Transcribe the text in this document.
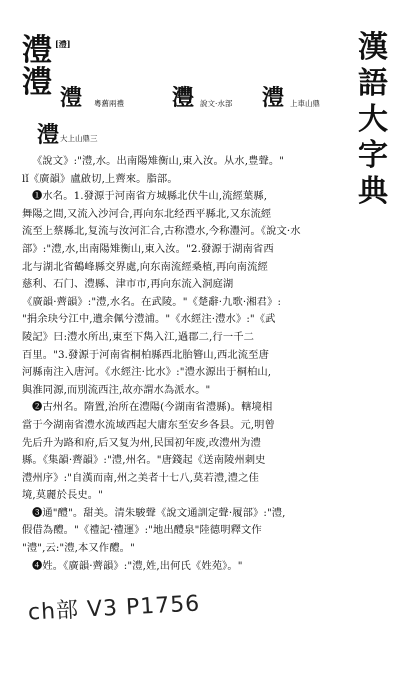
澧 [澧]
澧 澧 粵舊兩禮 灃 說文·水部 澧 上車山鼎
澧 大上山鼎三
漢
語
大
字
典
《說文》:"澧,水。出南陽雉衡山,東入汝。从水,豊聲。"
lǐ《廣韻》盧啟切,上薺來。脂部。
❶水名。1.發源于河南省方城縣北伏牛山,流經葉縣,
舞陽之間,又流入沙河合,再向东北经西平縣北,又东流經
流至上蔡縣北,复流与汝河汇合,古称澧水,今称灃河。《說文·水
部》:"澧,水,出南陽雉衡山,東入汝。"2.發源于湖南省西
北与湖北省鶴峰縣交界處,向东南流經桑植,再向南流經
慈利、石门、澧縣、津市市,再向东流入洞庭湖
《廣韻·薺韻》:"澧,水名。在武陵。"《楚辭·九歌·湘君》:
"捐余玦兮江中,遺余佩兮澧浦。"《水經注·澧水》:"《武
陵記》曰:澧水所出,東至下雋入江,過郡二,行一千二
百里。"3.發源于河南省桐柏縣西北胎簪山,西北流至唐
河縣南注入唐河。《水經注·比水》:"澧水源出于桐柏山,
與淮同源,而別流西注,故亦謂水為派水。"
❷古州名。隋置,治所在澧陽(今湖南省澧縣)。轄境相
當于今湖南省澧水流域西起大庸东至安乡各县。元,明曾
先后升为路和府,后又复为州,民国初年废,改澧州为澧
縣。《集韻·薺韻》:"澧,州名。"唐錢起《送南陵州刺史
澧州序》:"自漢而南,州之美者十七八,莫若澧,澧之佳
境,莫麗於長史。"
❸通"醴"。甜美。清朱駿聲《說文通訓定聲·履部》:"澧,
假借為醴。"《禮記·禮運》:"地出醴泉"陸德明釋文作
"澧",云:"澧,本又作醴。"
❹姓。《廣韻·薺韻》:"澧,姓,出何氏《姓苑》。"
ch部 V3 P1756
